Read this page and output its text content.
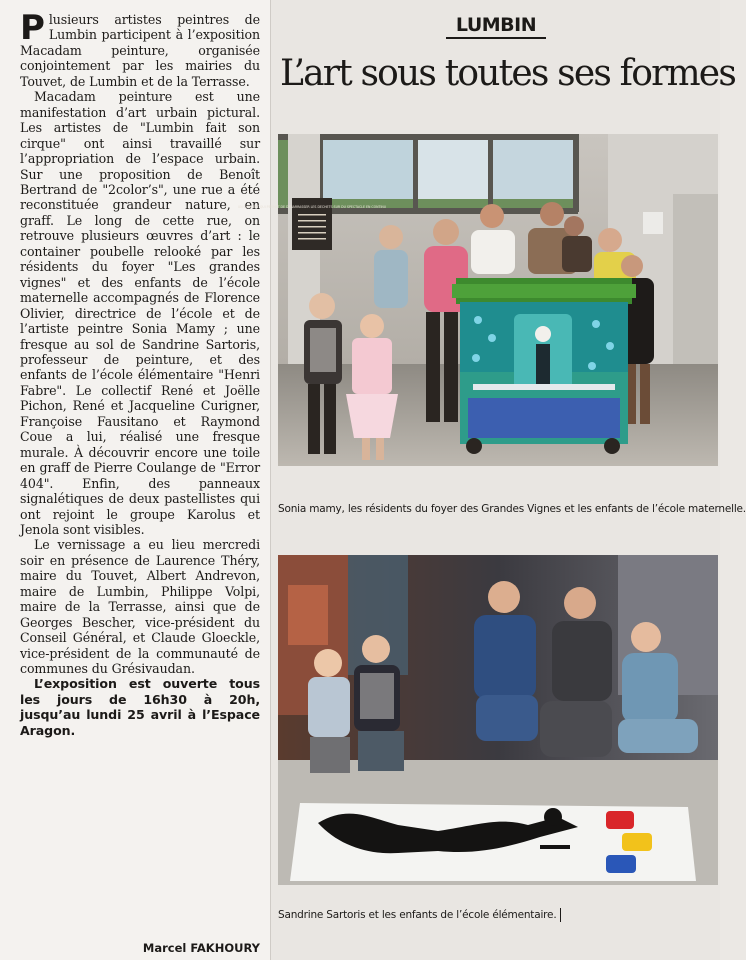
Plusieurs artistes peintres de Lumbin participent à l’exposition Macadam peinture, organisée conjointement par les mairies du Touvet, de Lumbin et de la Terrasse.

Macadam peinture est une manifestation d’art urbain pictural. Les artistes de "Lumbin fait son cirque" ont ainsi travaillé sur l’appropriation de l’espace urbain. Sur une proposition de Benoît Bertrand de "2color’s", une rue a été reconstituée grandeur nature, en graff. Le long de cette rue, on retrouve plusieurs œuvres d’art : le container poubelle relooké par les résidents du foyer "Les grandes vignes" et des enfants de l’école maternelle accompagnés de Florence Olivier, directrice de l’école et de l’artiste peintre Sonia Mamy ; une fresque au sol de Sandrine Sartoris, professeur de peinture, et des enfants de l’école élémentaire "Henri Fabre". Le collectif René et Joëlle Pichon, René et Jacqueline Curigner, Françoise Fausitano et Raymond Coue a lui, réalisé une fresque murale. À découvrir encore une toile en graff de Pierre Coulange de "Error 404". Enfin, des panneaux signalétiques de deux pastellistes qui ont rejoint le groupe Karolus et Jenola sont visibles.

Le vernissage a eu lieu mercredi soir en présence de Laurence Théry, maire du Touvet, Albert Andrevon, maire de Lumbin, Philippe Volpi, maire de la Terrasse, ainsi que de Georges Bescher, vice-président du Conseil Général, et Claude Gloeckle, vice-président de la communauté de communes du Grésivaudan.

L’exposition est ouverte tous les jours de 16h30 à 20h, jusqu’au lundi 25 avril à l’Espace Aragon.

Marcel FAKHOURY
LUMBIN
L’art sous toutes ses formes
UN CONCEPT QUI PERMET DE DEBARRASSER LES DECHETS SUR DU SPECTACLE EN CONTINU
Sonia mamy, les résidents du foyer des Grandes Vignes et les enfants de l’école maternelle.
Sandrine Sartoris et les enfants de l’école élémentaire.
